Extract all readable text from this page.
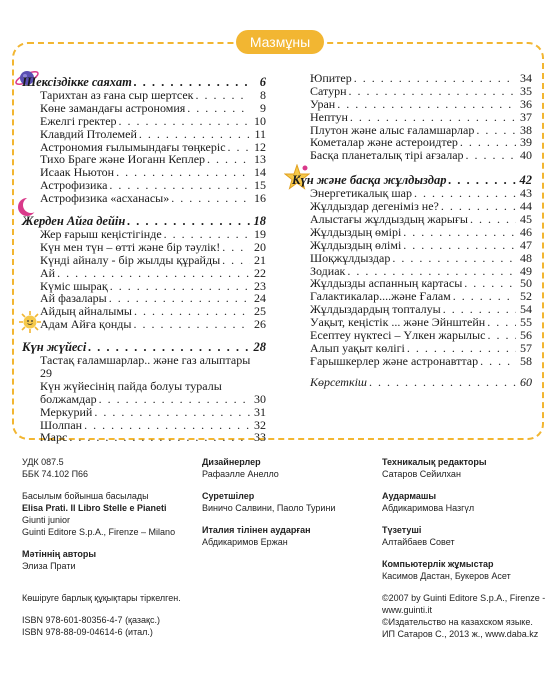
Мазмұны
Шексіздікке саяхат . . .	6
Тарихтан аз ғана сыр шертсек . . .	8
Көне замандағы астрономия . . .	9
Ежелгі гректер . . .	10
Клавдий Птолемей . . .	11
Астрономия ғылымындағы төңкеріс . . . 12
Тихо Браге және Иоганн Кеплер . . .	13
Исаак Ньютон . . .	14
Астрофизика . . .	15
Астрофизика «асханасы» . . .	16
Жерден Айға дейін . . .	18
Жер ғарыш кеңістігінде . . .	19
Күн мен түн – өтті және бір тәулік! . . .	20
Күнді айналу - бір жылды құрайды . . .	21
Ай . . .	22
Күміс шырақ . . .	23
Ай фазалары . . .	24
Айдың айналымы . . .	25
Адам Айға қонды . . .	26
Күн жүйесі . . .	28
Тастақ ғаламшарлар.. және газ алыптары
29
Күн жүйесінің пайда болуы туралы
болжамдар . . .	30
Меркурий . . .	31
Шолпан . . .	32
Марс . . .	33
Юпитер . . .	34
Сатурн . . .	35
Уран . . .	36
Нептун . . .	37
Плутон және алыс ғаламшарлар . . .	38
Кометалар және астероидтер . . .	39
Басқа планеталық тірі ағзалар . . .	40
Күн және басқа жұлдыздар . . .	42
Энергетикалық шар . . .	43
Жұлдыздар дегеніміз не? . . .	44
Алыстағы жұлдыздың жарығы . . .	45
Жұлдыздың өмірі . . .	46
Жұлдыздың өлімі . . .	47
Шоқжұлдыздар . . .	48
Зодиак . . .	49
Жұлдызды аспанның картасы . . .	50
Галактикалар....және Ғалам . . .	52
Жұлдыздардың топталуы . . .	54
Уақыт, кеңістік ... және Эйнштейн . . .	55
Есептеу нүктесі – Үлкен жарылыс . . .	56
Алып уақыт көлігі . . .	57
Ғарышкерлер және астронавттар . . .	58
Көрсеткіш . . .	60
УДК 087.5
ББК 74.102 П66
Басылым бойынша басылады
Elisa Prati. Il Libro Stelle e Pianeti
Giunti junior
Guinti Editore S.p.A., Firenze – Milano
Мәтіннің авторы
Элиза Прати
Көшіруге барлық құқықтары тіркелген.
ISBN 978-601-80356-4-7 (қазақс.)
ISBN 978-88-09-04614-6 (итал.)
Дизайнерлер
Рафаэлле Анелло
Суретшілер
Виничо Салвини, Паоло Турини
Италия тілінен аударған
Абдикаримов Ержан
Техникалық редакторы
Сатаров Сейилхан
Аудармашы
Абдикаримова Назгүл
Түзетуші
Алтайбаев Совет
Компьютерлік жұмыстар
Касимов Дастан, Букеров Асет
©2007 by Guinti Editore S.p.A., Firenze -
www.guinti.it
©Издательство на казахском языке.
ИП Сатаров С., 2013 ж., www.daba.kz
